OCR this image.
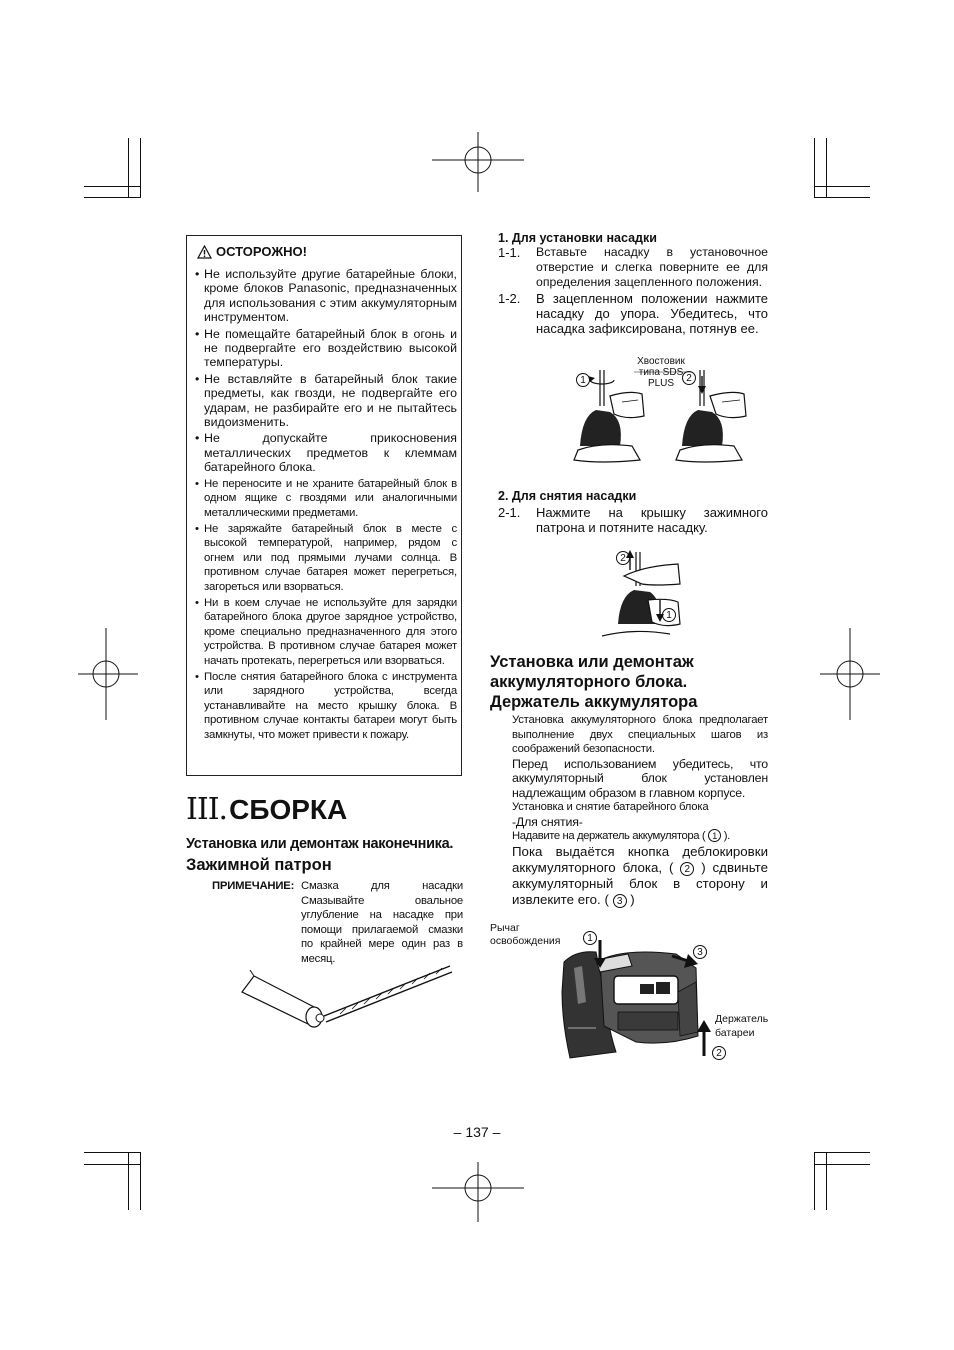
ОСТОРОЖНО!
• Не используйте другие батарейные блоки, кроме блоков Panasonic, предназначенных для использования с этим аккумуляторным инструментом.
• Не помещайте батарейный блок в огонь и не подвергайте его воздействию высокой температуры.
• Не вставляйте в батарейный блок такие предметы, как гвозди, не подвергайте его ударам, не разбирайте его и не пытайтесь видоизменить.
• Не допускайте прикосновения металлических предметов к клеммам батарейного блока.
• Не переносите и не храните батарейный блок в одном ящике с гвоздями или аналогичными металлическими предметами.
• Не заряжайте батарейный блок в месте с высокой температурой, например, рядом с огнем или под прямыми лучами солнца. В противном случае батарея может перегреться, загореться или взорваться.
• Ни в коем случае не используйте для зарядки батарейного блока другое зарядное устройство, кроме специально предназначенного для этого устройства. В противном случае батарея может начать протекать, перегреться или взорваться.
• После снятия батарейного блока с инструмента или зарядного устройства, всегда устанавливайте на место крышку блока. В противном случае контакты батареи могут быть замкнуты, что может привести к пожару.
III. СБОРКА
Установка или демонтаж наконечника.
Зажимной патрон
ПРИМЕЧАНИЕ: Смазка для насадки Смазывайте овальное углубление на насадке при помощи прилагаемой смазки по крайней мере один раз в месяц.
1. Для установки насадки
1-1. Вставьте насадку в установочное отверстие и слегка поверните ее для определения зацепленного положения.
1-2. В зацепленном положении нажмите насадку до упора. Убедитесь, что насадка зафиксирована, потянув ее.
Хвостовик типа SDS PLUS
1	2
2. Для снятия насадки
2-1. Нажмите на крышку зажимного патрона и потяните насадку.
2
1
Установка или демонтаж аккумуляторного блока. Держатель аккумулятора
Установка аккумуляторного блока предполагает выполнение двух специальных шагов из соображений безопасности.
Перед использованием убедитесь, что аккумуляторный блок установлен надлежащим образом в главном корпусе.
Установка и снятие батарейного блока
-Для снятия-
Надавите на держатель аккумулятора ( 1 ).
Пока выдаётся кнопка деблокировки аккумуляторного блока, ( 2 ) сдвиньте аккумуляторный блок в сторону и извлеките его. ( 3 )
Рычаг освобождения
Держатель батареи
1
3
2
– 137 –
